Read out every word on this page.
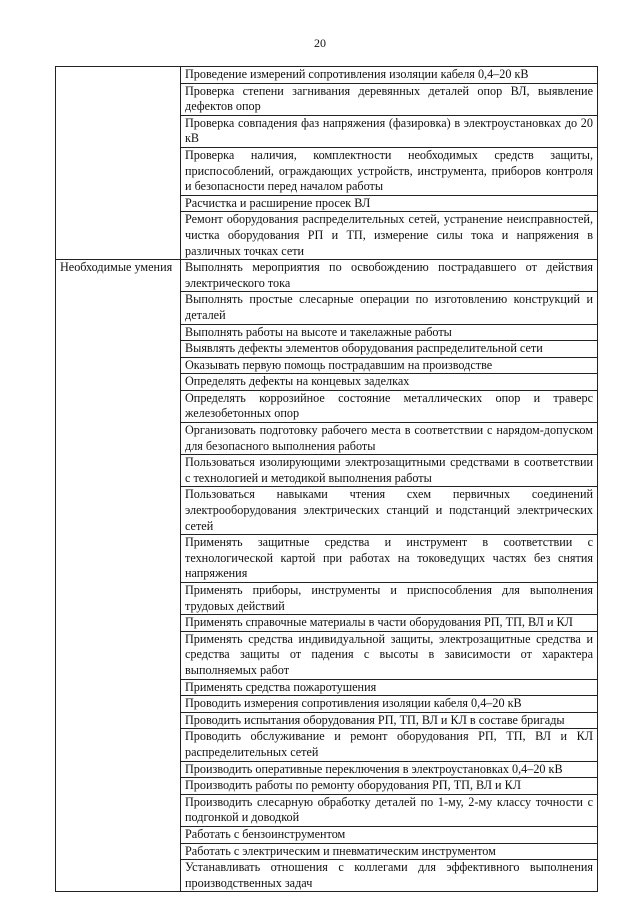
20
	Проведение измерений сопротивления изоляции кабеля 0,4–20 кВ
	Проверка степени загнивания деревянных деталей опор ВЛ, выявление дефектов опор
	Проверка совпадения фаз напряжения (фазировка) в электроустановках до 20 кВ
	Проверка наличия, комплектности необходимых средств защиты, приспособлений, ограждающих устройств, инструмента, приборов контроля и безопасности перед началом работы
	Расчистка и расширение просек ВЛ
	Ремонт оборудования распределительных сетей, устранение неисправностей, чистка оборудования РП и ТП, измерение силы тока и напряжения в различных точках сети
Необходимые умения	Выполнять мероприятия по освобождению пострадавшего от действия электрического тока
	Выполнять простые слесарные операции по изготовлению конструкций и деталей
	Выполнять работы на высоте и такелажные работы
	Выявлять дефекты элементов оборудования распределительной сети
	Оказывать первую помощь пострадавшим на производстве
	Определять дефекты на концевых заделках
	Определять коррозийное состояние металлических опор и траверс железобетонных опор
	Организовать подготовку рабочего места в соответствии с нарядом-допуском для безопасного выполнения работы
	Пользоваться изолирующими электрозащитными средствами в соответствии с технологией и методикой выполнения работы
	Пользоваться навыками чтения схем первичных соединений электрооборудования электрических станций и подстанций электрических сетей
	Применять защитные средства и инструмент в соответствии с технологической картой при работах на токоведущих частях без снятия напряжения
	Применять приборы, инструменты и приспособления для выполнения трудовых действий
	Применять справочные материалы в части оборудования РП, ТП, ВЛ и КЛ
	Применять средства индивидуальной защиты, электрозащитные средства и средства защиты от падения с высоты в зависимости от характера выполняемых работ
	Применять средства пожаротушения
	Проводить измерения сопротивления изоляции кабеля 0,4–20 кВ
	Проводить испытания оборудования РП, ТП, ВЛ и КЛ в составе бригады
	Проводить обслуживание и ремонт оборудования РП, ТП, ВЛ и КЛ распределительных сетей
	Производить оперативные переключения в электроустановках 0,4–20 кВ
	Производить работы по ремонту оборудования РП, ТП, ВЛ и КЛ
	Производить слесарную обработку деталей по 1-му, 2-му классу точности с подгонкой и доводкой
	Работать с бензоинструментом
	Работать с электрическим и пневматическим инструментом
	Устанавливать отношения с коллегами для эффективного выполнения производственных задач
